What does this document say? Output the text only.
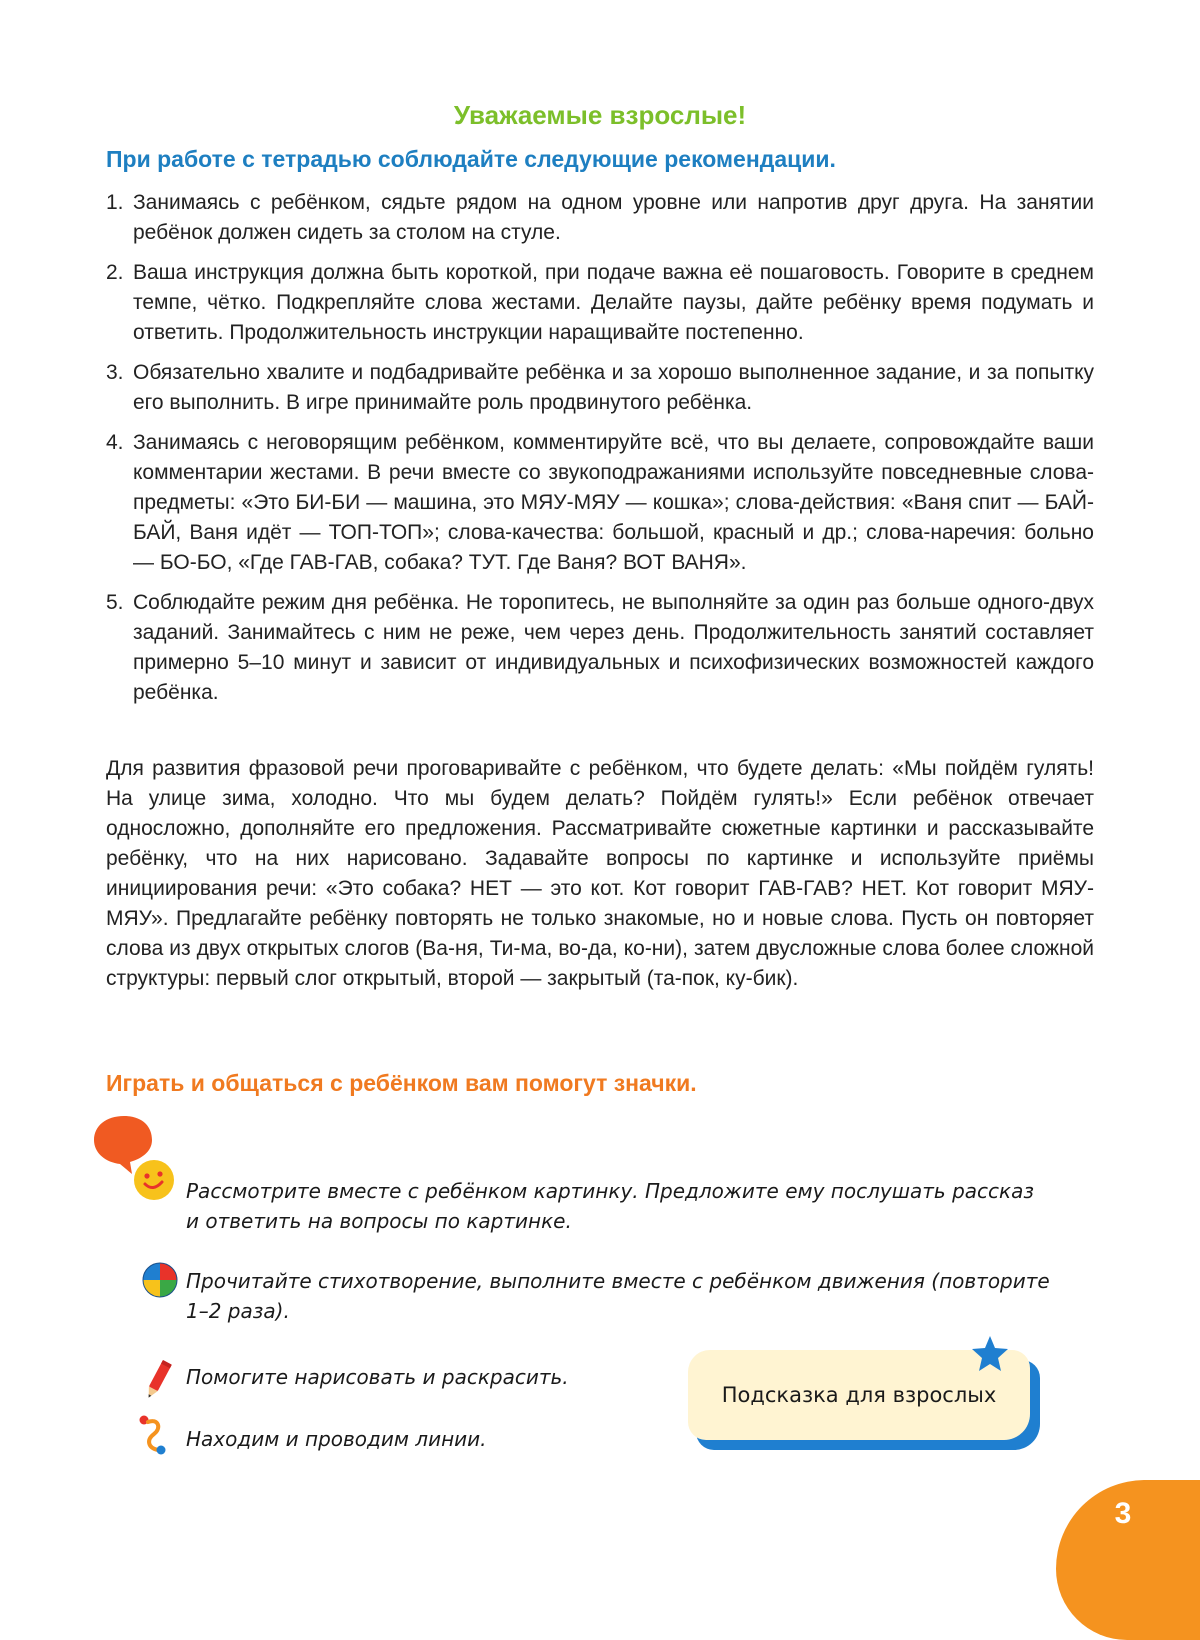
Уважаемые взрослые!
При работе с тетрадью соблюдайте следующие рекомендации.
1. Занимаясь с ребёнком, сядьте рядом на одном уровне или напротив друг друга. На занятии ребёнок должен сидеть за столом на стуле.
2. Ваша инструкция должна быть короткой, при подаче важна её пошаговость. Говорите в среднем темпе, чётко. Подкрепляйте слова жестами. Делайте паузы, дайте ребёнку время подумать и ответить. Продолжительность инструкции наращивайте постепенно.
3. Обязательно хвалите и подбадривайте ребёнка и за хорошо выполненное задание, и за попытку его выполнить. В игре принимайте роль продвинутого ребёнка.
4. Занимаясь с неговорящим ребёнком, комментируйте всё, что вы делаете, сопровождайте ваши комментарии жестами. В речи вместе со звукоподражаниями используйте повседневные слова-предметы: «Это БИ-БИ — машина, это МЯУ-МЯУ — кошка»; слова-действия: «Ваня спит — БАЙ-БАЙ, Ваня идёт — ТОП-ТОП»; слова-качества: большой, красный и др.; слова-наречия: больно — БО-БО, «Где ГАВ-ГАВ, собака? ТУТ. Где Ваня? ВОТ ВАНЯ».
5. Соблюдайте режим дня ребёнка. Не торопитесь, не выполняйте за один раз больше одного-двух заданий. Занимайтесь с ним не реже, чем через день. Продолжительность занятий составляет примерно 5–10 минут и зависит от индивидуальных и психофизических возможностей каждого ребёнка.

Для развития фразовой речи проговаривайте с ребёнком, что будете делать: «Мы пойдём гулять! На улице зима, холодно. Что мы будем делать? Пойдём гулять!» Если ребёнок отвечает односложно, дополняйте его предложения. Рассматривайте сюжетные картинки и рассказывайте ребёнку, что на них нарисовано. Задавайте вопросы по картинке и используйте приёмы инициирования речи: «Это собака? НЕТ — это кот. Кот говорит ГАВ-ГАВ? НЕТ. Кот говорит МЯУ-МЯУ». Предлагайте ребёнку повторять не только знакомые, но и новые слова. Пусть он повторяет слова из двух открытых слогов (Ва-ня, Ти-ма, во-да, ко-ни), затем двусложные слова более сложной структуры: первый слог открытый, второй — закрытый (та-пок, ку-бик).

Играть и общаться с ребёнком вам помогут значки.
Рассмотрите вместе с ребёнком картинку. Предложите ему послушать рассказ и ответить на вопросы по картинке.
Прочитайте стихотворение, выполните вместе с ребёнком движения (повторите 1–2 раза).
Помогите нарисовать и раскрасить.
Находим и проводим линии.
Подсказка для взрослых
3
